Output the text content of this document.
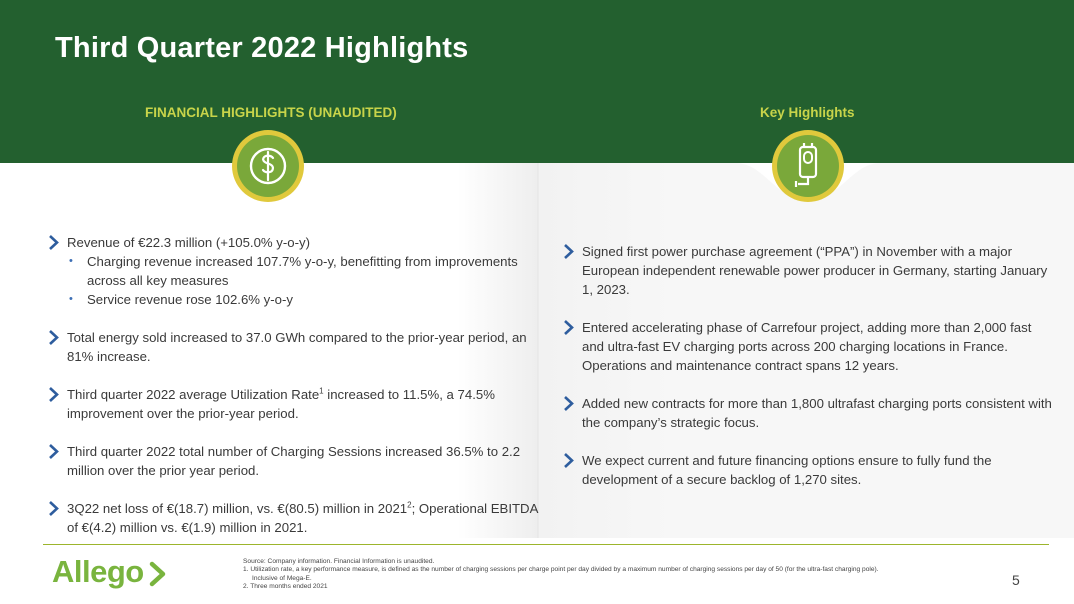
Third Quarter 2022 Highlights
FINANCIAL HIGHLIGHTS (UNAUDITED)	Key Highlights
Revenue of €22.3 million (+105.0% y-o-y)
• Charging revenue increased 107.7% y-o-y, benefitting from improvements across all key measures
• Service revenue rose 102.6% y-o-y
Total energy sold increased to 37.0 GWh compared to the prior-year period, an 81% increase.
Third quarter 2022 average Utilization Rate$^1$ increased to 11.5%, a 74.5% improvement over the prior-year period.
Third quarter 2022 total number of Charging Sessions increased 36.5% to 2.2 million over the prior year period.
3Q22 net loss of €(18.7) million, vs. €(80.5) million in 2021$^2$; Operational EBITDA of €(4.2) million vs. €(1.9) million in 2021.
Signed first power purchase agreement (“PPA”) in November with a major European independent renewable power producer in Germany, starting January 1, 2023.
Entered accelerating phase of Carrefour project, adding more than 2,000 fast and ultra-fast EV charging ports across 200 charging locations in France. Operations and maintenance contract spans 12 years.
Added new contracts for more than 1,800 ultrafast charging ports consistent with the company’s strategic focus.
We expect current and future financing options ensure to fully fund the development of a secure backlog of 1,270 sites.
Allego	Source: Company information. Financial Information is unaudited.
1. Utilization rate, a key performance measure, is defined as the number of charging sessions per charge point per day divided by a maximum number of charging sessions per day of 50 (for the ultra-fast charging pole).
Inclusive of Mega-E.
2. Three months ended 2021	5
